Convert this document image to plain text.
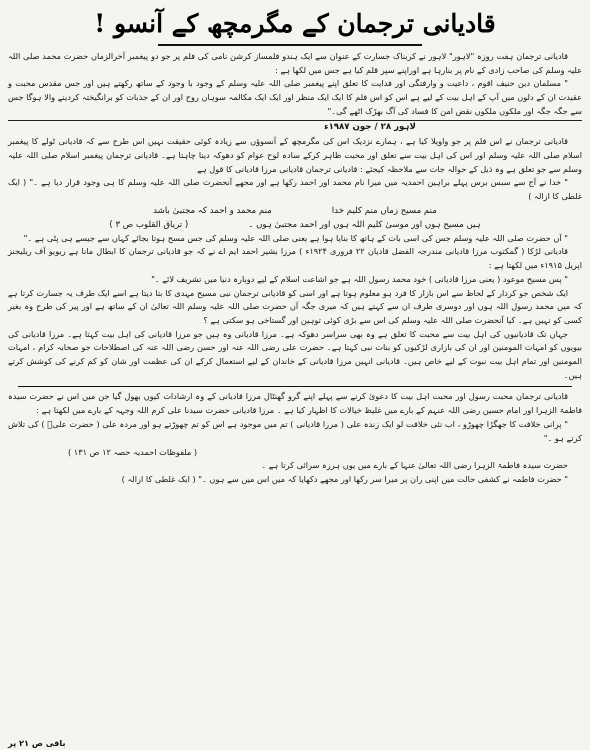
قادیانی ترجمان کے مگرمچھ کے آنسو !

قادیانی ترجمان ہفت روزہ "لاہور" لاہور نے کربناک جسارت کے عنوان سے ایک ہندو فلمساز کرشن نامی کی فلم پر جو دو پیغمبر آخرالزماں حضرت محمد صلی اللہ علیہ وسلم کی صاحب زادی کے نام پر بنارہا ہے اوراپنے سپر قلم کیا ہے جس میں لکھا ہے :

" مسلمان دین حنیف اقوم ، داعیت و وارفتگی اور فدایت کا تعلق اپنے پیغمبر صلی اللہ علیہ وسلم کے وجود با وجود کے ساتھ رکھتے ہیں اور جس مقدس محبت و عقیدت ان کے دلوں میں آپ کے اہل بیت کے لیے ہے اس کو اس فلم کا ایک ایک منظر اور ایک ایک مکالمہ سوہان روح اور ان کے جذبات کو برانگیختہ کردینے والا ہوگا جس سے جگہ جگہ اور ملکوں ملکوں نقض امن کا فساد کی آگ بھڑک اٹھے گی۔"

لاہور ۲۸ / جون ۱۹۸۷ء

قادیانی ترجمان نے اس فلم پر جو واویلا کیا ہے ، ہمارے نزدیک اس کی مگرمچھ کے آنسوؤں سے زیادہ کوئی حقیقت نہیں اس طرح سے کہ قادیانی ٹولے کا پیغمبر اسلام صلی اللہ علیہ وسلم اور اس کی اہل بیت سے تعلق اور محبت ظاہر کرکے سادہ لوح عوام کو دھوکہ دینا چاہتا ہے۔ قادیانی ترجمان پیغمبر اسلام صلی اللہ علیہ وسلم سے جو تعلق ہے وہ ذیل کے حوالہ جات سے ملاحظہ کیجئے : قادیانی ترجمان قادیانی مرزا قادیانی کا قول ہے

" خدا نے آج سے سبس برس پہلے براہین احمدیہ میں میرا نام محمد اور احمد رکھا ہے اور مجھے آنحضرت صلی اللہ علیہ وسلم کا ہی وجود قرار دیا ہے ۔" ( ایک غلطی کا ازالہ )

منم مسیح زماں منم کلیم خدا
منم محمد و احمد کہ مجتبیٰ باشد
ہیں مسیح ہوں اور موسیٰ کلیم اللہ ہوں اور احمد مجتبیٰ ہوں ۔
( تریاق القلوب ص ۳ )

" آں حضرت صلی اللہ علیہ وسلم جس کی اسی بات کے ہاتھ کا بنایا ہوا ہے یعنی صلی اللہ علیہ وسلم کی جس مسح ہوتا بجائے کہاں سے جیسے ہی پٹی ہے ۔"

قادیانی لڑکا ( گمکتوب مرزا قادیانی مندرجہ الفضل قادیان ۲۲ فروری ۱۹۲۴ء ) مرزا بشیر احمد ایم اے نے کہ جو قادیانی ترجمان کا ابطال مانا ہے ریویو آف ریلیجنز اپریل ۱۹۱۵ء میں لکھتا ہے :

" پس مسیح موعود ( یعنی مرزا قادیانی ) خود محمد رسول اللہ ہے جو اشاعت اسلام کے لیے دوبارہ دنیا میں تشریف لائے ۔"

ایک شخص جو کردار کے لحاظ سے اس بازار کا فرد ہو معلوم ہوتا ہے اور اسی کو قادیانی ترجمان نبی مسیح مہدی کا بتا دیتا ہے اسے ایک طرف یہ جسارت کرتا ہے کہ میں محمد رسول اللہ ہوں اور دوسری طرف ان سے کہتے ہیں کہ میری جگہ آں حضرت صلی اللہ علیہ وسلم اللہ تعالیٰ ان کے ساتھ ہے اور پیر کی طرح وہ بغیر کسی کو نہیں ہے۔ کیا آنحضرت صلی اللہ علیہ وسلم کی اس سے بڑی کوئی توہین اور گستاخی ہو سکتی ہے ؟

جہاں تک قادیانیوں کی اہل بیت سے محبت کا تعلق ہے وہ بھی سراسر دھوکہ ہے۔ مرزا قادیانی وہ ہیں جو مرزا قادیانی کی اہل بیت کہتا ہے۔ مرزا قادیانی کی بیویوں کو امہات المومنین اور ان کی بازاری لڑکیوں کو بنات نبی کہتا ہے۔ حضرت علی رضی اللہ عنہ اور حسن رضی اللہ عنہ کی اصطلاحات جو صحابہ کرام ، امہات المومنین اور تمام اہل بیت نبوت کے لیے خاص ہیں۔ قادیانی انہیں مرزا قادیانی کے خاندان کے لیے استعمال کرکے ان کی عظمت اور شان کو کم کرنے کی کوشش کرتے ہیں۔

قادیانی ترجمان محبت رسول اور محبت اہل بیت کا دعویٰ کرنے سے پہلے اپنے گرو گھنٹال مرزا قادیانی کے وہ ارشادات کیوں بھول گیا جن میں اس نے حضرت سیدہ فاطمۃ الزہرا اور امام حسین رضی اللہ عنہم کے بارے میں غلیظ خیالات کا اظہار کیا ہے ۔ مرزا قادیانی حضرت سیدنا علی کرم اللہ وجہہ کے بارے میں لکھتا ہے :

" پرانی خلافت کا جھگڑا چھوڑو ، اب نئی خلافت لو ایک زندہ علی ( مرزا قادیانی ) تم میں موجود ہے اس کو تم چھوڑتے ہو اور مردہ علی ( حضرت علیؓ ) کی تلاش کرتے ہو ۔"

( ملفوظات احمدیہ حصہ ۱۲ ص ۱۳۱ )

حضرت سیدہ فاطمۃ الزہرا رضی اللہ تعالیٰ عنہا کے بارے میں یوں ہرزہ سرائی کرتا ہے ۔

" حضرت فاطمہ نے کشفی حالت میں اپنی ران پر میرا سر رکھا اور مجھے دکھایا کہ میں اس میں سے ہوں ۔" ( ایک غلطی کا ازالہ )

باقی ص ۲۱ پر
